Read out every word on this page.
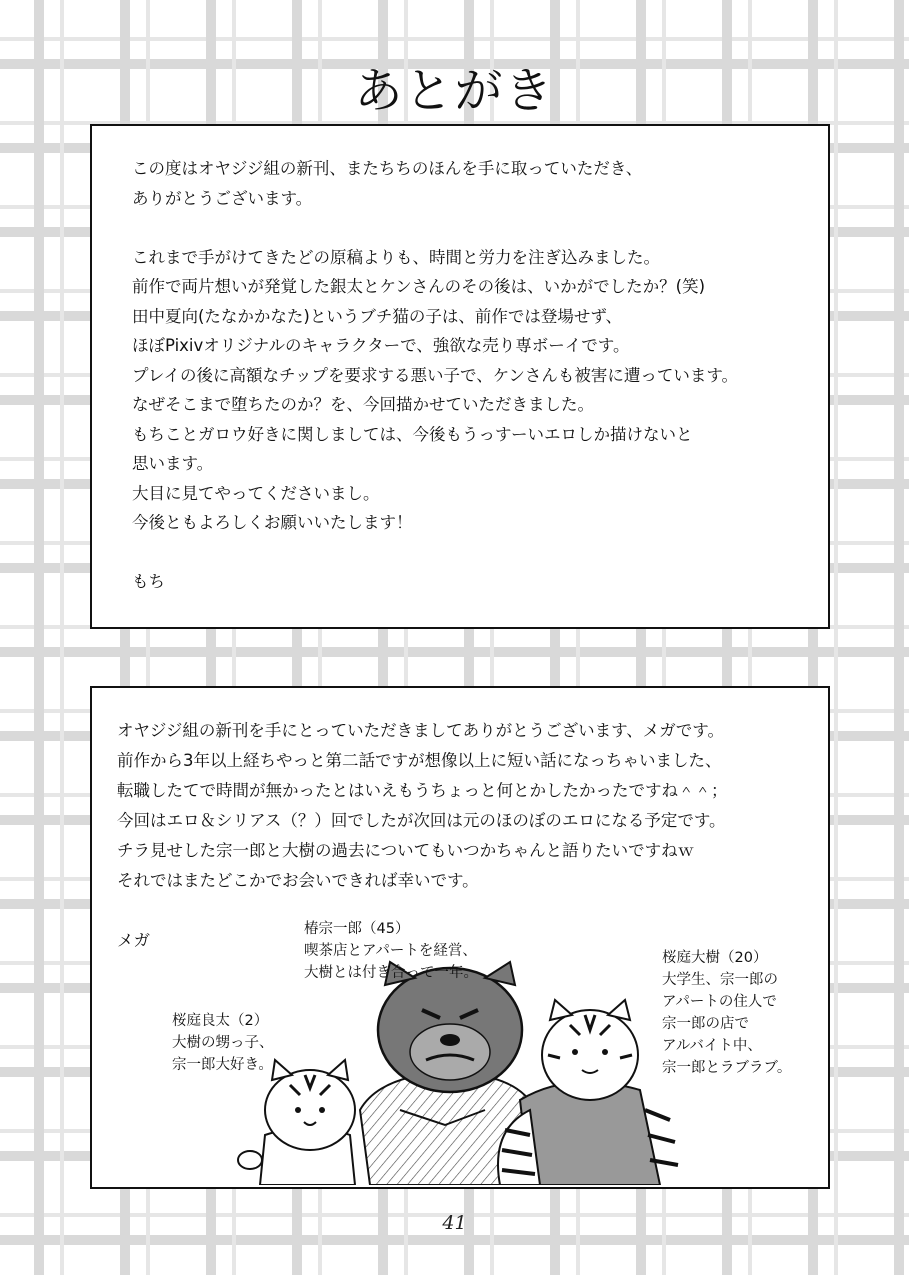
あとがき
この度はオヤジジ組の新刊、またちちのほんを手に取っていただき、
ありがとうございます。
これまで手がけてきたどの原稿よりも、時間と労力を注ぎ込みました。
前作で両片想いが発覚した銀太とケンさんのその後は、いかがでしたか？(笑)
田中夏向(たなかかなた)というブチ猫の子は、前作では登場せず、
ほぼPixivオリジナルのキャラクターで、強欲な売り専ボーイです。
プレイの後に高額なチップを要求する悪い子で、ケンさんも被害に遭っています。
なぜそこまで堕ちたのか？を、今回描かせていただきました。
もちことガロウ好きに関しましては、今後もうっすーいエロしか描けないと
思います。
大目に見てやってくださいまし。
今後ともよろしくお願いいたします！
もち
オヤジジ組の新刊を手にとっていただきましてありがとうございます、メガです。
前作から3年以上経ちやっと第二話ですが想像以上に短い話になっちゃいました、
転職したてで時間が無かったとはいえもうちょっと何とかしたかったですね＾＾；
今回はエロ＆シリアス（？）回でしたが次回は元のほのぼのエロになる予定です。
チラ見せした宗一郎と大樹の過去についてもいつかちゃんと語りたいですねｗ
それではまたどこかでお会いできれば幸いです。
メガ
桜庭良太（2）
大樹の甥っ子、
宗一郎大好き。
椿宗一郎（45）
喫茶店とアパートを経営、
大樹とは付き合って一年。
桜庭大樹（20）
大学生、宗一郎の
アパートの住人で
宗一郎の店で
アルバイト中、
宗一郎とラブラブ。
41
